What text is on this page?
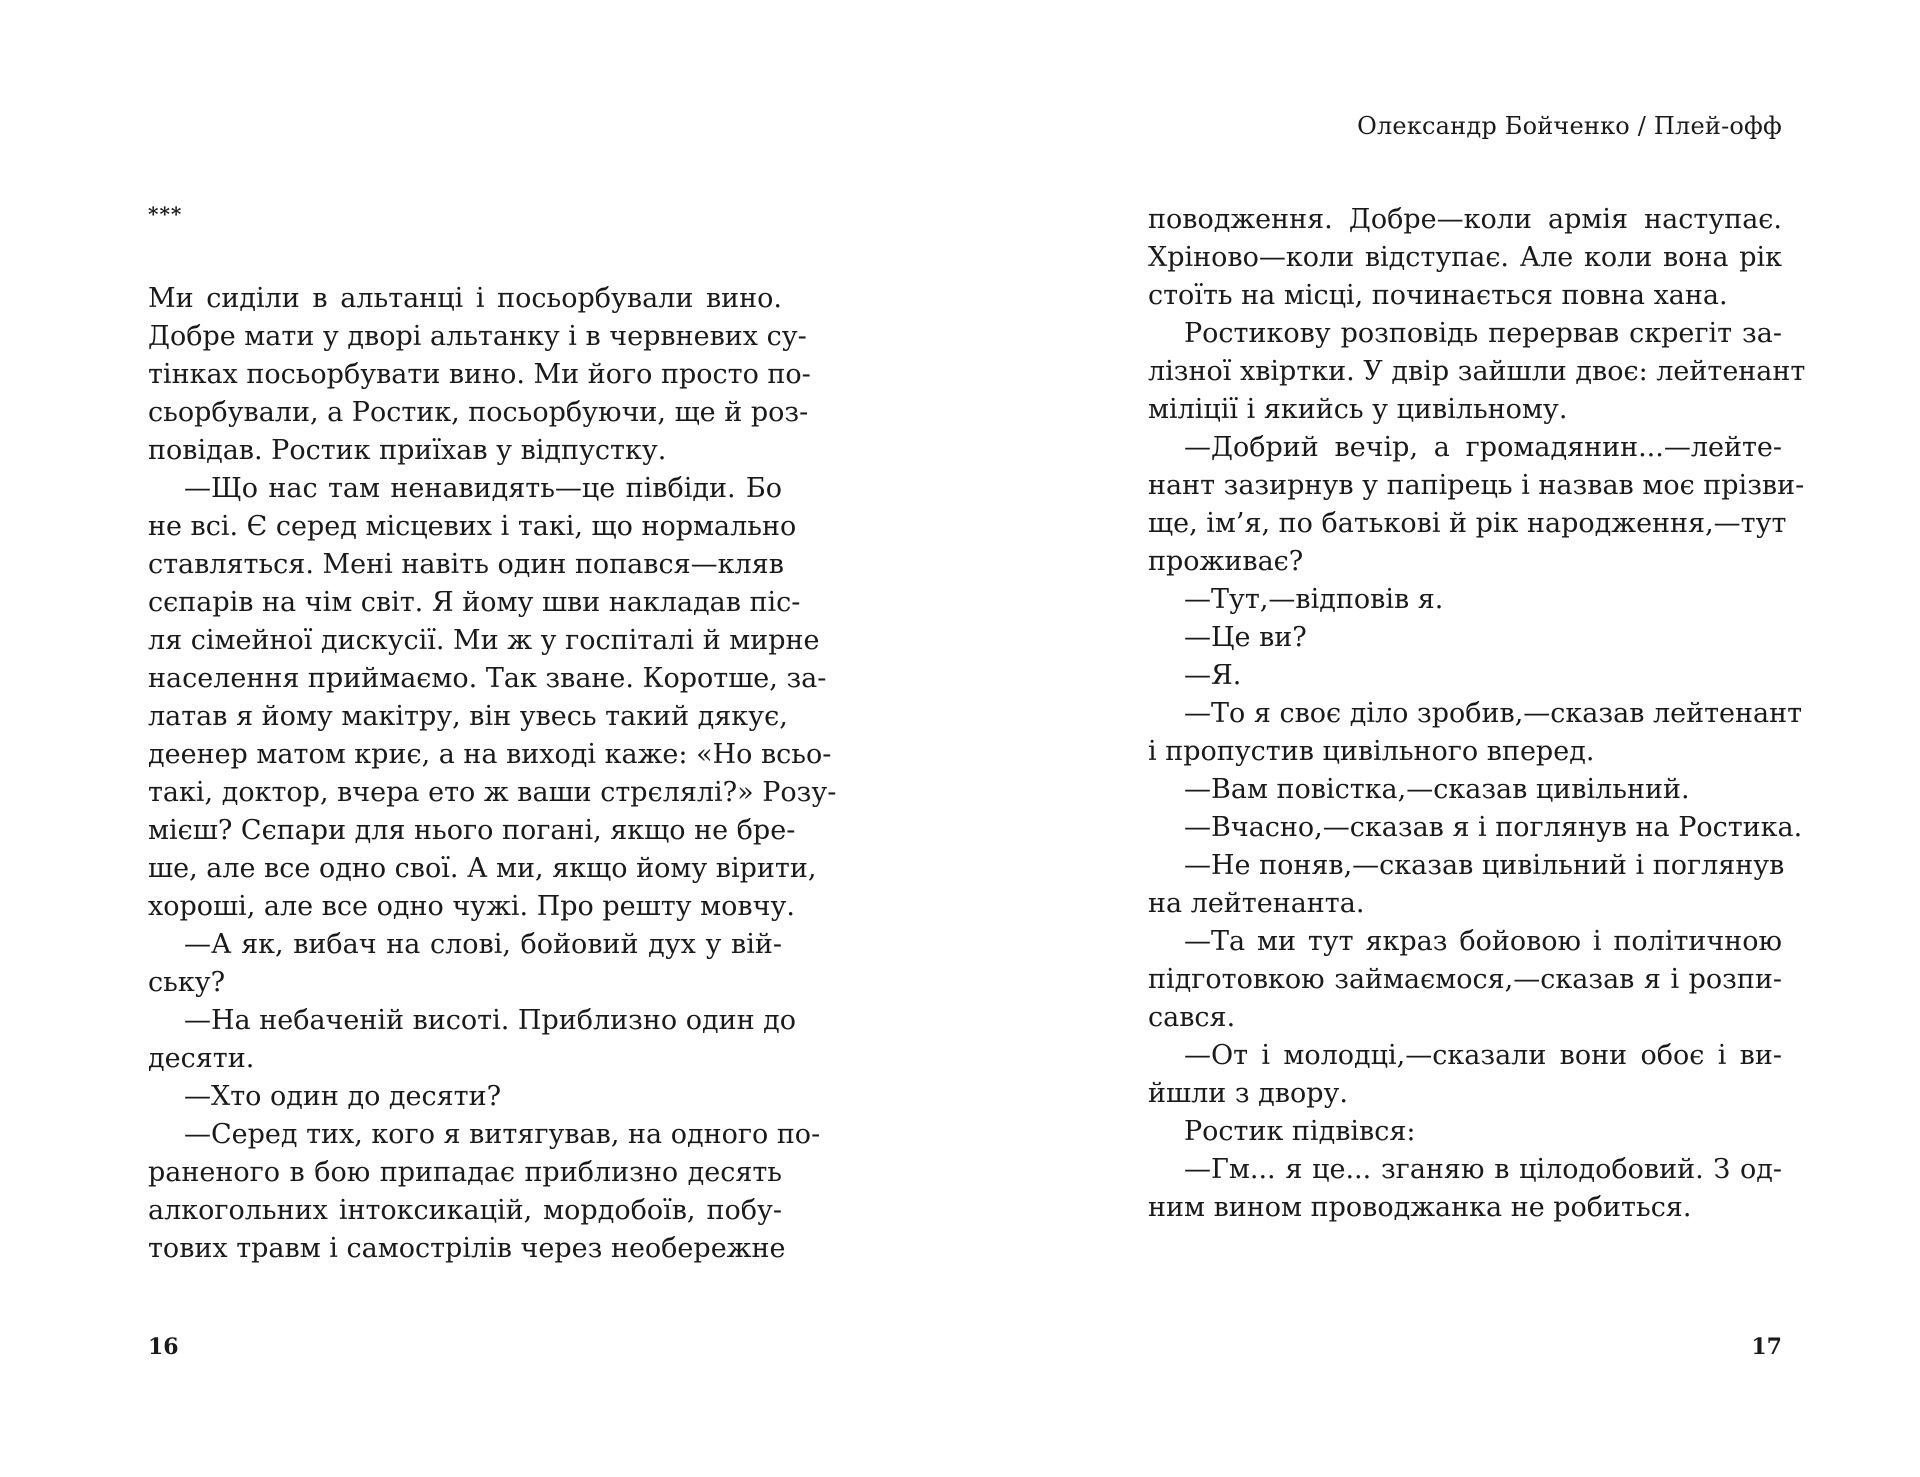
***
Ми сиділи в альтанці і посьорбували вино.
Добре мати у дворі альтанку і в червневих су-
тінках посьорбувати вино. Ми його просто по-
сьорбували, а Ростик, посьорбуючи, ще й роз-
повідав. Ростик приїхав у відпустку.
—Що нас там ненавидять—це півбіди. Бо
не всі. Є серед місцевих і такі, що нормально
ставляться. Мені навіть один попався—кляв
сєпарів на чім світ. Я йому шви накладав піс-
ля сімейної дискусії. Ми ж у госпіталі й мирне
населення приймаємо. Так зване. Коротше, за-
латав я йому макітру, він увесь такий дякує,
деенер матом криє, а на виході каже: «Но всьо-
такі, доктор, вчера ето ж ваши стрєлялі?» Розу-
мієш? Сєпари для нього погані, якщо не бре-
ше, але все одно свої. А ми, якщо йому вірити,
хороші, але все одно чужі. Про решту мовчу.
—А як, вибач на слові, бойовий дух у вій-
ську?
—На небаченій висоті. Приблизно один до
десяти.
—Хто один до десяти?
—Серед тих, кого я витягував, на одного по-
раненого в бою припадає приблизно десять
алкогольних інтоксикацій, мордобоїв, побу-
тових травм і самострілів через необережне
16
Олександр Бойченко / Плей-офф
поводження. Добре—коли армія наступає.
Хріново—коли відступає. Але коли вона рік
стоїть на місці, починається повна хана.
Ростикову розповідь перервав скрегіт за-
лізної хвіртки. У двір зайшли двоє: лейтенант
міліції і якийсь у цивільному.
—Добрий вечір, а громадянин...—лейте-
нант зазирнув у папірець і назвав моє прізви-
ще, ім’я, по батькові й рік народження,—тут
проживає?
—Тут,—відповів я.
—Це ви?
—Я.
—То я своє діло зробив,—сказав лейтенант
і пропустив цивільного вперед.
—Вам повістка,—сказав цивільний.
—Вчасно,—сказав я і поглянув на Ростика.
—Не поняв,—сказав цивільний і поглянув
на лейтенанта.
—Та ми тут якраз бойовою і політичною
підготовкою займаємося,—сказав я і розпи-
сався.
—От і молодці,—сказали вони обоє і ви-
йшли з двору.
Ростик підвівся:
—Гм... я це... зганяю в цілодобовий. З од-
ним вином проводжанка не робиться.
17
